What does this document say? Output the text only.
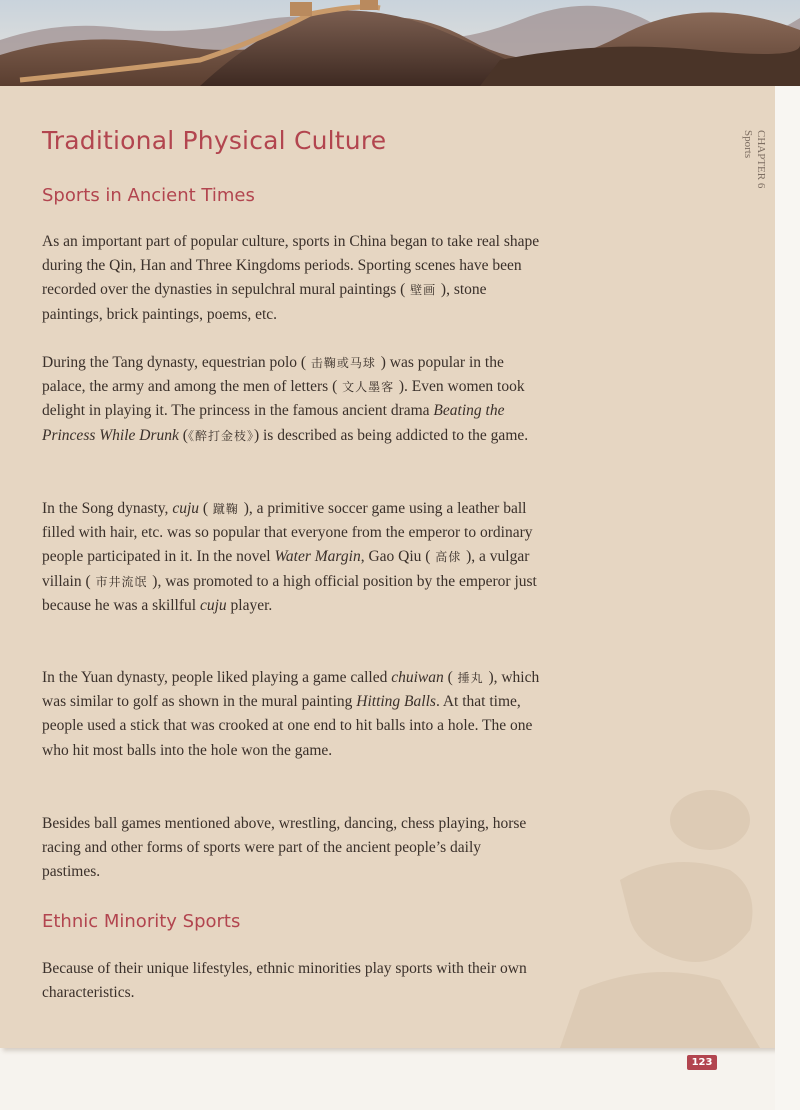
Traditional Physical Culture	CHAPTER 6
Sports
Sports in Ancient Times

As an important part of popular culture, sports in China began to take real shape during the Qin, Han and Three Kingdoms periods. Sporting scenes have been recorded over the dynasties in sepulchral mural paintings ( 壁画 ), stone paintings, brick paintings, poems, etc.

During the Tang dynasty, equestrian polo ( 击鞠或马球 ) was popular in the palace, the army and among the men of letters ( 文人墨客 ). Even women took delight in playing it. The princess in the famous ancient drama Beating the Princess While Drunk (《醉打金枝》) is described as being addicted to the game.

In the Song dynasty, cuju ( 蹴鞠 ), a primitive soccer game using a leather ball filled with hair, etc. was so popular that everyone from the emperor to ordinary people participated in it. In the novel Water Margin, Gao Qiu ( 高俅 ), a vulgar villain ( 市井流氓 ), was promoted to a high official position by the emperor just because he was a skillful cuju player.

In the Yuan dynasty, people liked playing a game called chuiwan ( 捶丸 ), which was similar to golf as shown in the mural painting Hitting Balls. At that time, people used a stick that was crooked at one end to hit balls into a hole. The one who hit most balls into the hole won the game.

Besides ball games mentioned above, wrestling, dancing, chess playing, horse racing and other forms of sports were part of the ancient people’s daily pastimes.

Ethnic Minority Sports

Because of their unique lifestyles, ethnic minorities play sports with their own characteristics.

123
